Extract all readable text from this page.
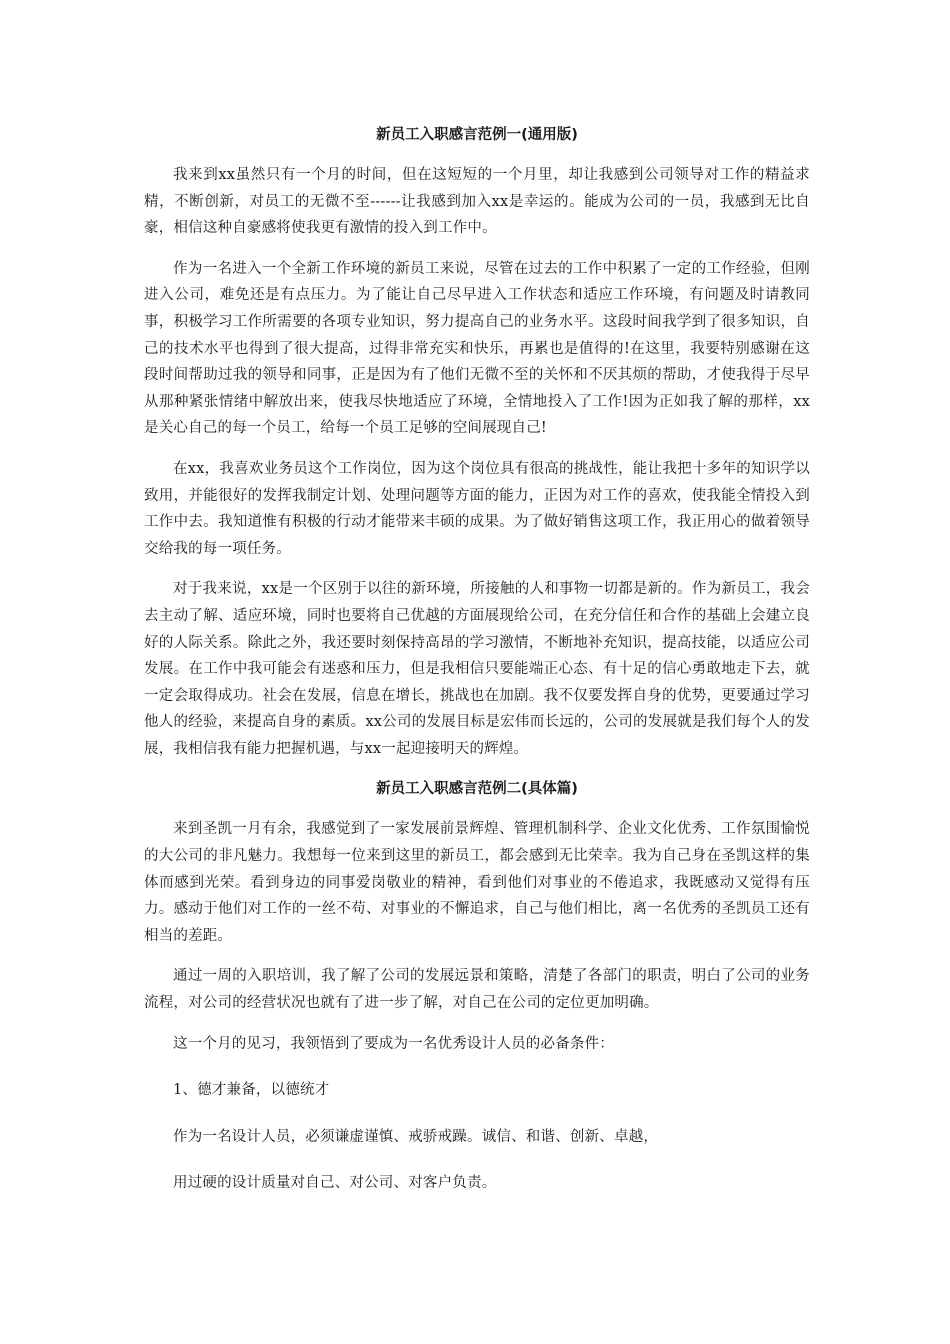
新员工入职感言范例一(通用版)

我来到xx虽然只有一个月的时间，但在这短短的一个月里，却让我感到公司领导对工作的精益求精，不断创新，对员工的无微不至------让我感到加入xx是幸运的。能成为公司的一员，我感到无比自豪，相信这种自豪感将使我更有激情的投入到工作中。

作为一名进入一个全新工作环境的新员工来说，尽管在过去的工作中积累了一定的工作经验，但刚进入公司，难免还是有点压力。为了能让自己尽早进入工作状态和适应工作环境，有问题及时请教同事，积极学习工作所需要的各项专业知识，努力提高自己的业务水平。这段时间我学到了很多知识，自己的技术水平也得到了很大提高，过得非常充实和快乐，再累也是值得的!在这里，我要特别感谢在这段时间帮助过我的领导和同事，正是因为有了他们无微不至的关怀和不厌其烦的帮助，才使我得于尽早从那种紧张情绪中解放出来，使我尽快地适应了环境，全情地投入了工作!因为正如我了解的那样，xx是关心自己的每一个员工，给每一个员工足够的空间展现自己!

在xx，我喜欢业务员这个工作岗位，因为这个岗位具有很高的挑战性，能让我把十多年的知识学以致用，并能很好的发挥我制定计划、处理问题等方面的能力，正因为对工作的喜欢，使我能全情投入到工作中去。我知道惟有积极的行动才能带来丰硕的成果。为了做好销售这项工作，我正用心的做着领导交给我的每一项任务。

对于我来说，xx是一个区别于以往的新环境，所接触的人和事物一切都是新的。作为新员工，我会去主动了解、适应环境，同时也要将自己优越的方面展现给公司，在充分信任和合作的基础上会建立良好的人际关系。除此之外，我还要时刻保持高昂的学习激情，不断地补充知识，提高技能，以适应公司发展。在工作中我可能会有迷惑和压力，但是我相信只要能端正心态、有十足的信心勇敢地走下去，就一定会取得成功。社会在发展，信息在增长，挑战也在加剧。我不仅要发挥自身的优势，更要通过学习他人的经验，来提高自身的素质。xx公司的发展目标是宏伟而长远的，公司的发展就是我们每个人的发展，我相信我有能力把握机遇，与xx一起迎接明天的辉煌。

新员工入职感言范例二(具体篇)

来到圣凯一月有余，我感觉到了一家发展前景辉煌、管理机制科学、企业文化优秀、工作氛围愉悦的大公司的非凡魅力。我想每一位来到这里的新员工，都会感到无比荣幸。我为自己身在圣凯这样的集体而感到光荣。看到身边的同事爱岗敬业的精神，看到他们对事业的不倦追求，我既感动又觉得有压力。感动于他们对工作的一丝不苟、对事业的不懈追求，自己与他们相比，离一名优秀的圣凯员工还有相当的差距。

通过一周的入职培训，我了解了公司的发展远景和策略，清楚了各部门的职责，明白了公司的业务流程，对公司的经营状况也就有了进一步了解，对自己在公司的定位更加明确。

这一个月的见习，我领悟到了要成为一名优秀设计人员的必备条件：

1、德才兼备，以德统才

作为一名设计人员，必须谦虚谨慎、戒骄戒躁。诚信、和谐、创新、卓越，

用过硬的设计质量对自己、对公司、对客户负责。
